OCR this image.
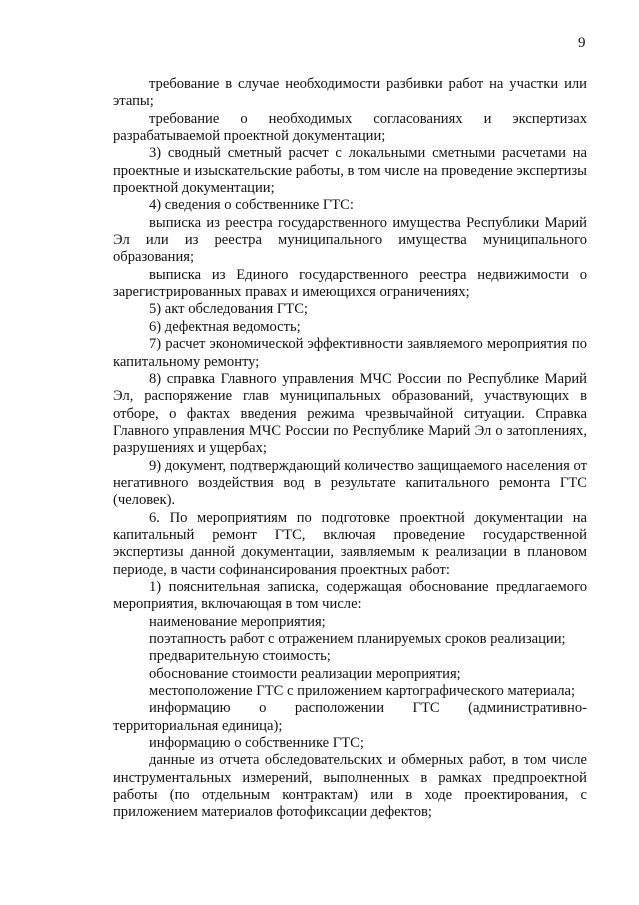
9

требование в случае необходимости разбивки работ на участки или этапы;

требование о необходимых согласованиях и экспертизах разрабатываемой проектной документации;

3) сводный сметный расчет с локальными сметными расчетами на проектные и изыскательские работы, в том числе на проведение экспертизы проектной документации;

4) сведения о собственнике ГТС:

выписка из реестра государственного имущества Республики Марий Эл или из реестра муниципального имущества муниципального образования;

выписка из Единого государственного реестра недвижимости о зарегистрированных правах и имеющихся ограничениях;

5) акт обследования ГТС;

6) дефектная ведомость;

7) расчет экономической эффективности заявляемого мероприятия по капитальному ремонту;

8) справка Главного управления МЧС России по Республике Марий Эл, распоряжение глав муниципальных образований, участвующих в отборе, о фактах введения режима чрезвычайной ситуации. Справка Главного управления МЧС России по Республике Марий Эл о затоплениях, разрушениях и ущербах;

9) документ, подтверждающий количество защищаемого населения от негативного воздействия вод в результате капитального ремонта ГТС (человек).

6. По мероприятиям по подготовке проектной документации на капитальный ремонт ГТС, включая проведение государственной экспертизы данной документации, заявляемым к реализации в плановом периоде, в части софинансирования проектных работ:

1) пояснительная записка, содержащая обоснование предлагаемого мероприятия, включающая в том числе:

наименование мероприятия;

поэтапность работ с отражением планируемых сроков реализации;

предварительную стоимость;

обоснование стоимости реализации мероприятия;

местоположение ГТС с приложением картографического материала;

информацию о расположении ГТС (административно-территориальная единица);

информацию о собственнике ГТС;

данные из отчета обследовательских и обмерных работ, в том числе инструментальных измерений, выполненных в рамках предпроектной работы (по отдельным контрактам) или в ходе проектирования, с приложением материалов фотофиксации дефектов;
